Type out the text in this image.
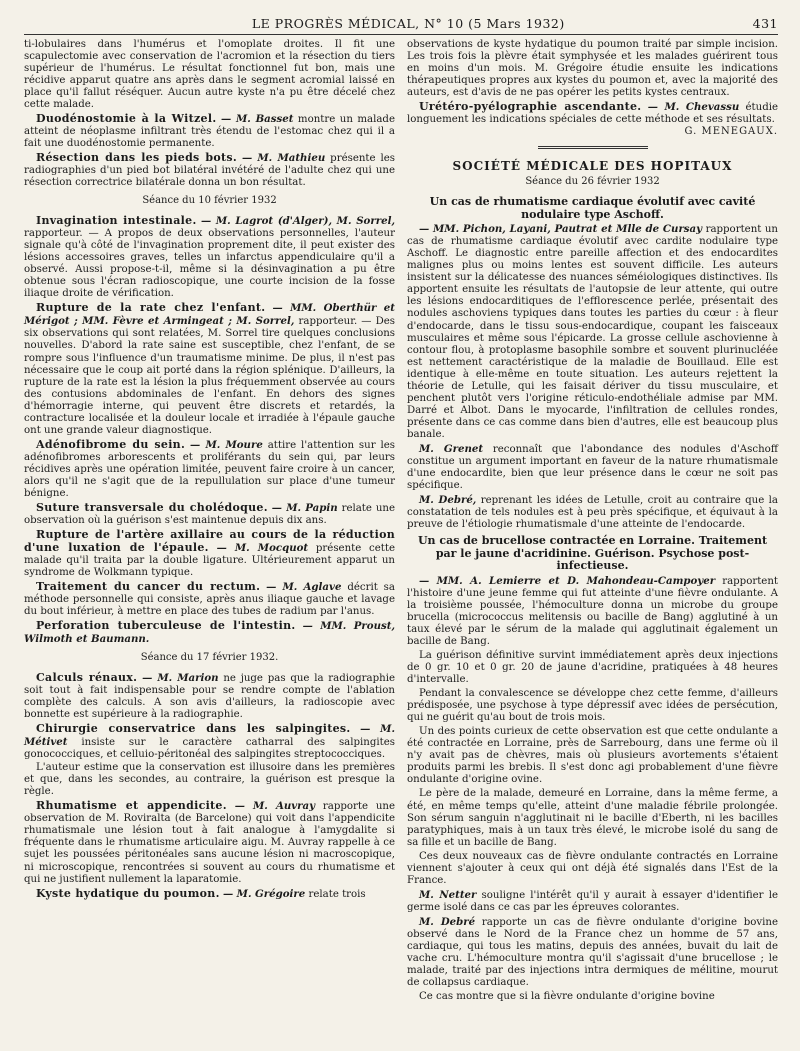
LE PROGRÈS MÉDICAL, N° 10 (5 Mars 1932)	431

ti-lobulaires dans l'humérus et l'omoplate droites. Il fit une scapulectomie avec conservation de l'acromion et la résection du tiers supérieur de l'humérus. Le résultat fonctionnel fut bon, mais une récidive apparut quatre ans après dans le segment acromial laissé en place qu'il fallut réséquer. Aucun autre kyste n'a pu être décelé chez cette malade.

Duodénostomie à la Witzel. — M. Basset montre un malade atteint de néoplasme infiltrant très étendu de l'estomac chez qui il a fait une duodénostomie permanente.

Résection dans les pieds bots. — M. Mathieu présente les radiographies d'un pied bot bilatéral invétéré de l'adulte chez qui une résection correctrice bilatérale donna un bon résultat.

Séance du 10 février 1932

Invagination intestinale. — M. Lagrot (d'Alger), M. Sorrel, rapporteur. — A propos de deux observations personnelles, l'auteur signale qu'à côté de l'invagination proprement dite, il peut exister des lésions accessoires graves, telles un infarctus appendiculaire qu'il a observé. Aussi propose-t-il, même si la désinvagination a pu être obtenue sous l'écran radioscopique, une courte incision de la fosse iliaque droite de vérification.

Rupture de la rate chez l'enfant. — MM. Oberthür et Mérigot ; MM. Fèvre et Armingeat ; M. Sorrel, rapporteur. — Des six observations qui sont relatées, M. Sorrel tire quelques conclusions nouvelles. D'abord la rate saine est susceptible, chez l'enfant, de se rompre sous l'influence d'un traumatisme minime. De plus, il n'est pas nécessaire que le coup ait porté dans la région splénique. D'ailleurs, la rupture de la rate est la lésion la plus fréquemment observée au cours des contusions abdominales de l'enfant. En dehors des signes d'hémorragie interne, qui peuvent être discrets et retardés, la contracture localisée et la douleur locale et irradiée à l'épaule gauche ont une grande valeur diagnostique.

Adénofibrome du sein. — M. Moure attire l'attention sur les adénofibromes arborescents et proliférants du sein qui, par leurs récidives après une opération limitée, peuvent faire croire à un cancer, alors qu'il ne s'agit que de la repullulation sur place d'une tumeur bénigne.

Suture transversale du cholédoque. — M. Papin relate une observation où la guérison s'est maintenue depuis dix ans.

Rupture de l'artère axillaire au cours de la réduction d'une luxation de l'épaule. — M. Mocquot présente cette malade qu'il traita par la double ligature. Ultérieurement apparut un syndrome de Wolkmann typique.

Traitement du cancer du rectum. — M. Aglave décrit sa méthode personnelle qui consiste, après anus iliaque gauche et lavage du bout inférieur, à mettre en place des tubes de radium par l'anus.

Perforation tuberculeuse de l'intestin. — MM. Proust, Wilmoth et Baumann.

Séance du 17 février 1932.

Calculs rénaux. — M. Marion ne juge pas que la radiographie soit tout à fait indispensable pour se rendre compte de l'ablation complète des calculs. A son avis d'ailleurs, la radioscopie avec bonnette est supérieure à la radiographie.

Chirurgie conservatrice dans les salpingites. — M. Métivet insiste sur le caractère catharral des salpingites gonococciques, et celluio-péritonéal des salpingites streptococciques.

L'auteur estime que la conservation est illusoire dans les premières et que, dans les secondes, au contraire, la guérison est presque la règle.

Rhumatisme et appendicite. — M. Auvray rapporte une observation de M. Roviralta (de Barcelone) qui voit dans l'appendicite rhumatismale une lésion tout à fait analogue à l'amygdalite si fréquente dans le rhumatisme articulaire aigu. M. Auvray rappelle à ce sujet les poussées péritonéales sans aucune lésion ni macroscopique, ni microscopique, rencontrées si souvent au cours du rhumatisme et qui ne justifient nullement la laparatomie.

Kyste hydatique du poumon. — M. Grégoire relate trois

observations de kyste hydatique du poumon traité par simple incision. Les trois fois la plèvre était symphysée et les malades guérirent tous en moins d'un mois. M. Grégoire étudie ensuite les indications thérapeutiques propres aux kystes du poumon et, avec la majorité des auteurs, est d'avis de ne pas opérer les petits kystes centraux.

Urétéro-pyélographie ascendante. — M. Chevassu étudie longuement les indications spéciales de cette méthode et ses résultats.

G. MENEGAUX.
SOCIÉTÉ MÉDICALE DES HOPITAUX
Séance du 26 février 1932
Un cas de rhumatisme cardiaque évolutif avec cavité nodulaire type Aschoff.

— MM. Pichon, Layani, Pautrat et Mlle de Cursay rapportent un cas de rhumatisme cardiaque évolutif avec cardite nodulaire type Aschoff. Le diagnostic entre pareille affection et des endocardites malignes plus ou moins lentes est souvent difficile. Les auteurs insistent sur la délicatesse des nuances séméiologiques distinctives. Ils apportent ensuite les résultats de l'autopsie de leur attente, qui outre les lésions endocarditiques de l'efflorescence perlée, présentait des nodules aschoviens typiques dans toutes les parties du cœur : à fleur d'endocarde, dans le tissu sous-endocardique, coupant les faisceaux musculaires et même sous l'épicarde. La grosse cellule aschovienne à contour flou, à protoplasme basophile sombre et souvent plurinucléée est nettement caractéristique de la maladie de Bouillaud. Elle est identique à elle-même en toute situation. Les auteurs rejettent la théorie de Letulle, qui les faisait dériver du tissu musculaire, et penchent plutôt vers l'origine réticulo-endothéliale admise par MM. Darré et Albot. Dans le myocarde, l'infiltration de cellules rondes, présente dans ce cas comme dans bien d'autres, elle est beaucoup plus banale.

M. Grenet reconnaît que l'abondance des nodules d'Aschoff constitue un argument important en faveur de la nature rhumatismale d'une endocardite, bien que leur présence dans le cœur ne soit pas spécifique.

M. Debré, reprenant les idées de Letulle, croit au contraire que la constatation de tels nodules est à peu près spécifique, et équivaut à la preuve de l'étiologie rhumatismale d'une atteinte de l'endocarde.

Un cas de brucellose contractée en Lorraine. Traitement par le jaune d'acridinine. Guérison. Psychose post-infectieuse.

— MM. A. Lemierre et D. Mahondeau-Campoyer rapportent l'histoire d'une jeune femme qui fut atteinte d'une fièvre ondulante. A la troisième poussée, l'hémoculture donna un microbe du groupe brucella (micrococcus melitensis ou bacille de Bang) agglutiné à un taux élevé par le sérum de la malade qui agglutinait également un bacille de Bang.

La guérison définitive survint immédiatement après deux injections de 0 gr. 10 et 0 gr. 20 de jaune d'acridine, pratiquées à 48 heures d'intervalle.

Pendant la convalescence se développe chez cette femme, d'ailleurs prédisposée, une psychose à type dépressif avec idées de persécution, qui ne guérit qu'au bout de trois mois.

Un des points curieux de cette observation est que cette ondulante a été contractée en Lorraine, près de Sarrebourg, dans une ferme où il n'y avait pas de chèvres, mais où plusieurs avortements s'étaient produits parmi les brebis. Il s'est donc agi probablement d'une fièvre ondulante d'origine ovine.

Le père de la malade, demeuré en Lorraine, dans la même ferme, a été, en même temps qu'elle, atteint d'une maladie fébrile prolongée. Son sérum sanguin n'agglutinait ni le bacille d'Eberth, ni les bacilles paratyphiques, mais à un taux très élevé, le microbe isolé du sang de sa fille et un bacille de Bang.

Ces deux nouveaux cas de fièvre ondulante contractés en Lorraine viennent s'ajouter à ceux qui ont déjà été signalés dans l'Est de la France.

M. Netter souligne l'intérêt qu'il y aurait à essayer d'identifier le germe isolé dans ce cas par les épreuves colorantes.

M. Debré rapporte un cas de fièvre ondulante d'origine bovine observé dans le Nord de la France chez un homme de 57 ans, cardiaque, qui tous les matins, depuis des années, buvait du lait de vache cru. L'hémoculture montra qu'il s'agissait d'une brucellose ; le malade, traité par des injections intra dermiques de mélitine, mourut de collapsus cardiaque.

Ce cas montre que si la fièvre ondulante d'origine bovine
